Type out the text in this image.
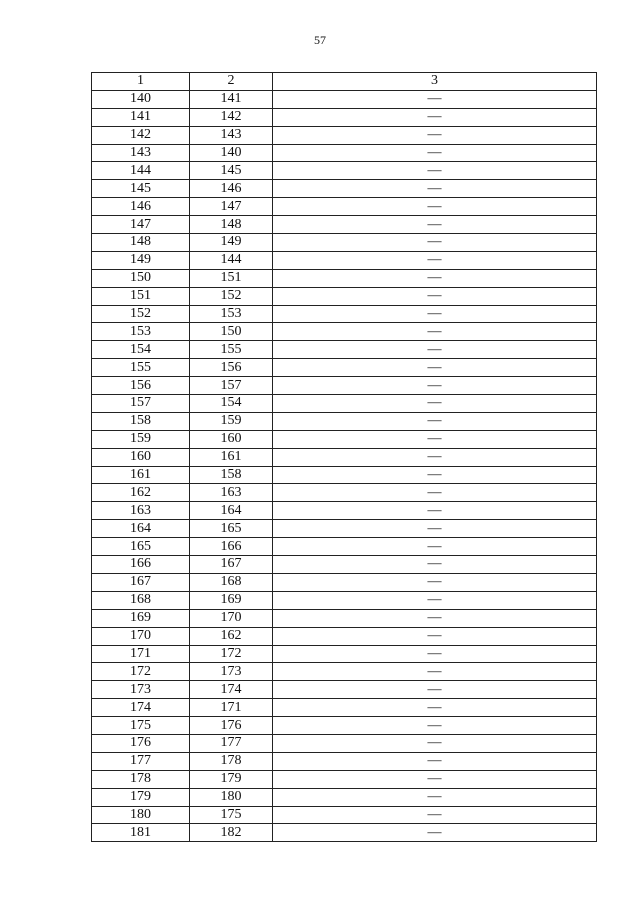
57
1	2	3
140	141	—
141	142	—
142	143	—
143	140	—
144	145	—
145	146	—
146	147	—
147	148	—
148	149	—
149	144	—
150	151	—
151	152	—
152	153	—
153	150	—
154	155	—
155	156	—
156	157	—
157	154	—
158	159	—
159	160	—
160	161	—
161	158	—
162	163	—
163	164	—
164	165	—
165	166	—
166	167	—
167	168	—
168	169	—
169	170	—
170	162	—
171	172	—
172	173	—
173	174	—
174	171	—
175	176	—
176	177	—
177	178	—
178	179	—
179	180	—
180	175	—
181	182	—
